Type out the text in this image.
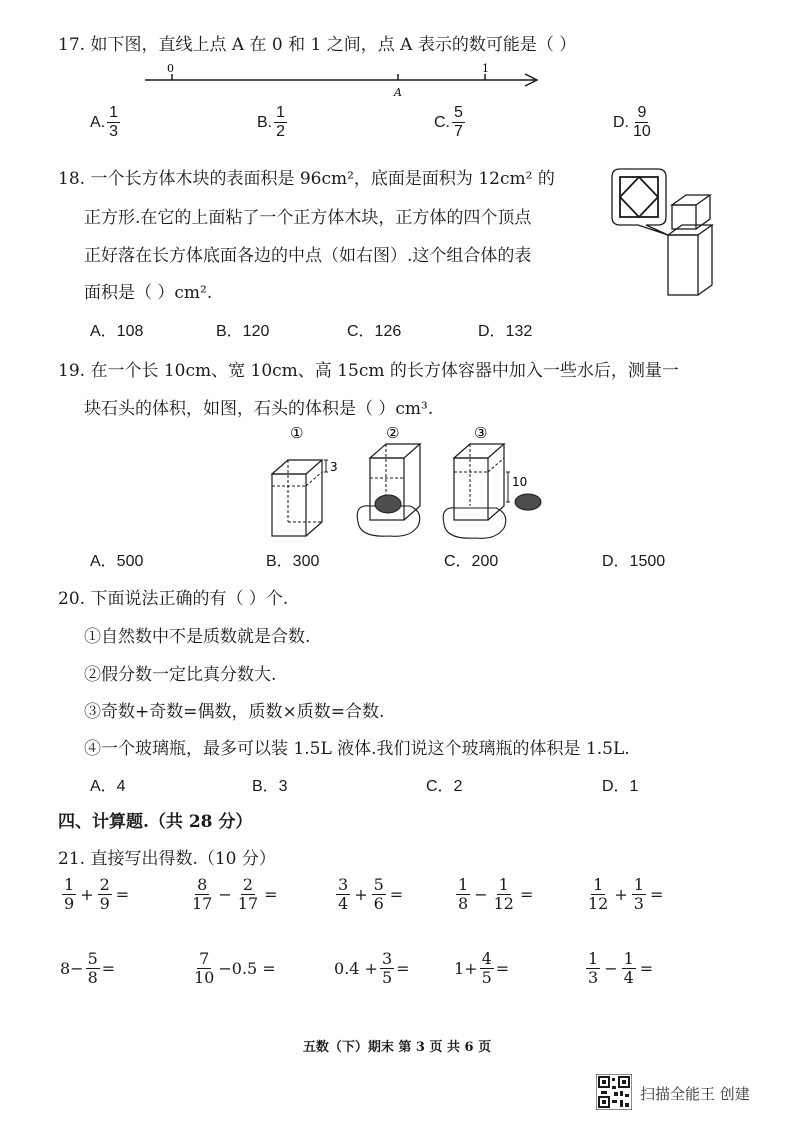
17. 如下图，直线上点 A 在 0 和 1 之间，点 A 表示的数可能是（ ）
0	1
A
A. $\frac{1}{3}$	B. $\frac{1}{2}$	C. $\frac{5}{7}$	D. $\frac{9}{10}$
18. 一个长方体木块的表面积是 96cm²，底面是面积为 12cm² 的
正方形.在它的上面粘了一个正方体木块，正方体的四个顶点
正好落在长方体底面各边的中点（如右图）.这个组合体的表
面积是（ ）cm².
A．108	B．120	C．126	D．132
19. 在一个长 10cm、宽 10cm、高 15cm 的长方体容器中加入一些水后，测量一
块石头的体积，如图，石头的体积是（ ）cm³.
①
3
②	③
10
A．500	B．300	C．200	D．1500
20. 下面说法正确的有（ ）个.
①自然数中不是质数就是合数.
②假分数一定比真分数大.
③奇数+奇数=偶数，质数×质数=合数.
④一个玻璃瓶，最多可以装 1.5L 液体.我们说这个玻璃瓶的体积是 1.5L.
A．4	B．3	C．2	D．1
四、计算题.（共 28 分）
21. 直接写出得数.（10 分）
$\frac{1}{9} + \frac{2}{9}$ =	$\frac{8}{17} - \frac{2}{17}$ =	$\frac{3}{4} + \frac{5}{6}$ =	$\frac{1}{8} - \frac{1}{12}$ =	$\frac{1}{12} + \frac{1}{3}$ =
$8- \frac{5}{8}$ =	$\frac{7}{10} -0.5$ =	$0.4 + \frac{3}{5}$ =	$1+ \frac{4}{5}$ =	$\frac{1}{3} - \frac{1}{4}$ =
五数（下）期末 第 3 页 共 6 页
扫描全能王 创建
